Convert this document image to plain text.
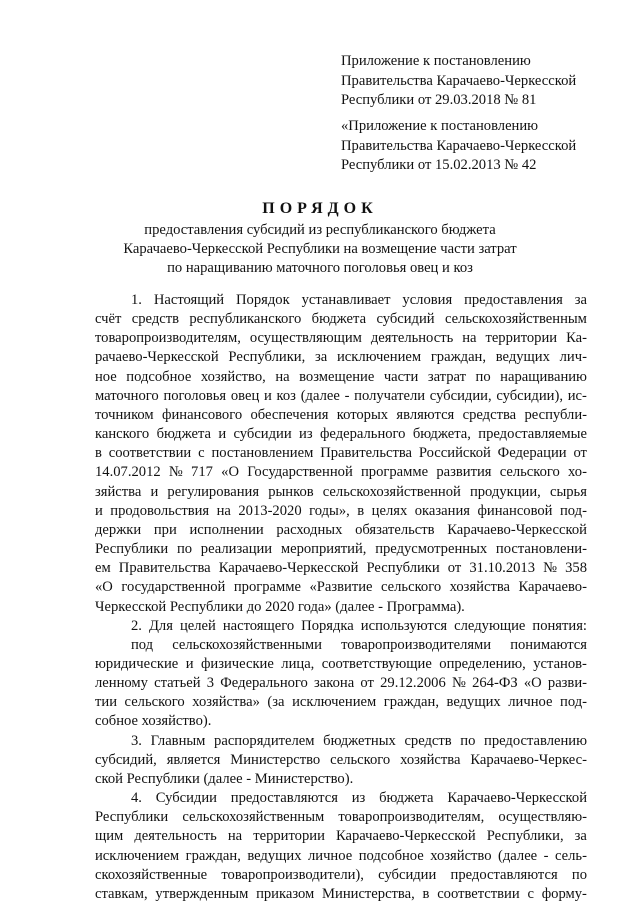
Приложение к постановлению
Правительства Карачаево-Черкесской
Республики от 29.03.2018 № 81
«Приложение к постановлению
Правительства Карачаево-Черкесской
Республики от 15.02.2013 № 42
ПОРЯДОК
предоставления субсидий из республиканского бюджета
Карачаево-Черкесской Республики на возмещение части затрат
по наращиванию маточного поголовья овец и коз
1. Настоящий Порядок устанавливает условия предоставления за
счёт средств республиканского бюджета субсидий сельскохозяйственным
товаропроизводителям, осуществляющим деятельность на территории Ка-
рачаево-Черкесской Республики, за исключением граждан, ведущих лич-
ное подсобное хозяйство, на возмещение части затрат по наращиванию
маточного поголовья овец и коз (далее - получатели субсидии, субсидии), ис-
точником финансового обеспечения которых являются средства республи-
канского бюджета и субсидии из федерального бюджета, предоставляемые
в соответствии с постановлением Правительства Российской Федерации от
14.07.2012 № 717 «О Государственной программе развития сельского хо-
зяйства и регулирования рынков сельскохозяйственной продукции, сырья
и продовольствия на 2013-2020 годы», в целях оказания финансовой под-
держки при исполнении расходных обязательств Карачаево-Черкесской
Республики по реализации мероприятий, предусмотренных постановлени-
ем Правительства Карачаево-Черкесской Республики от 31.10.2013 № 358
«О государственной программе «Развитие сельского хозяйства Карачаево-
Черкесской Республики до 2020 года» (далее - Программа).
2. Для целей настоящего Порядка используются следующие понятия:
под сельскохозяйственными товаропроизводителями понимаются
юридические и физические лица, соответствующие определению, установ-
ленному статьей 3 Федерального закона от 29.12.2006 № 264-ФЗ «О разви-
тии сельского хозяйства» (за исключением граждан, ведущих личное под-
собное хозяйство).
3. Главным распорядителем бюджетных средств по предоставлению
субсидий, является Министерство сельского хозяйства Карачаево-Черкес-
ской Республики (далее - Министерство).
4. Субсидии предоставляются из бюджета Карачаево-Черкесской
Республики сельскохозяйственным товаропроизводителям, осуществляю-
щим деятельность на территории Карачаево-Черкесской Республики, за
исключением граждан, ведущих личное подсобное хозяйство (далее - сель-
скохозяйственные товаропроизводители), субсидии предоставляются по
ставкам, утвержденным приказом Министерства, в соответствии с форму-
